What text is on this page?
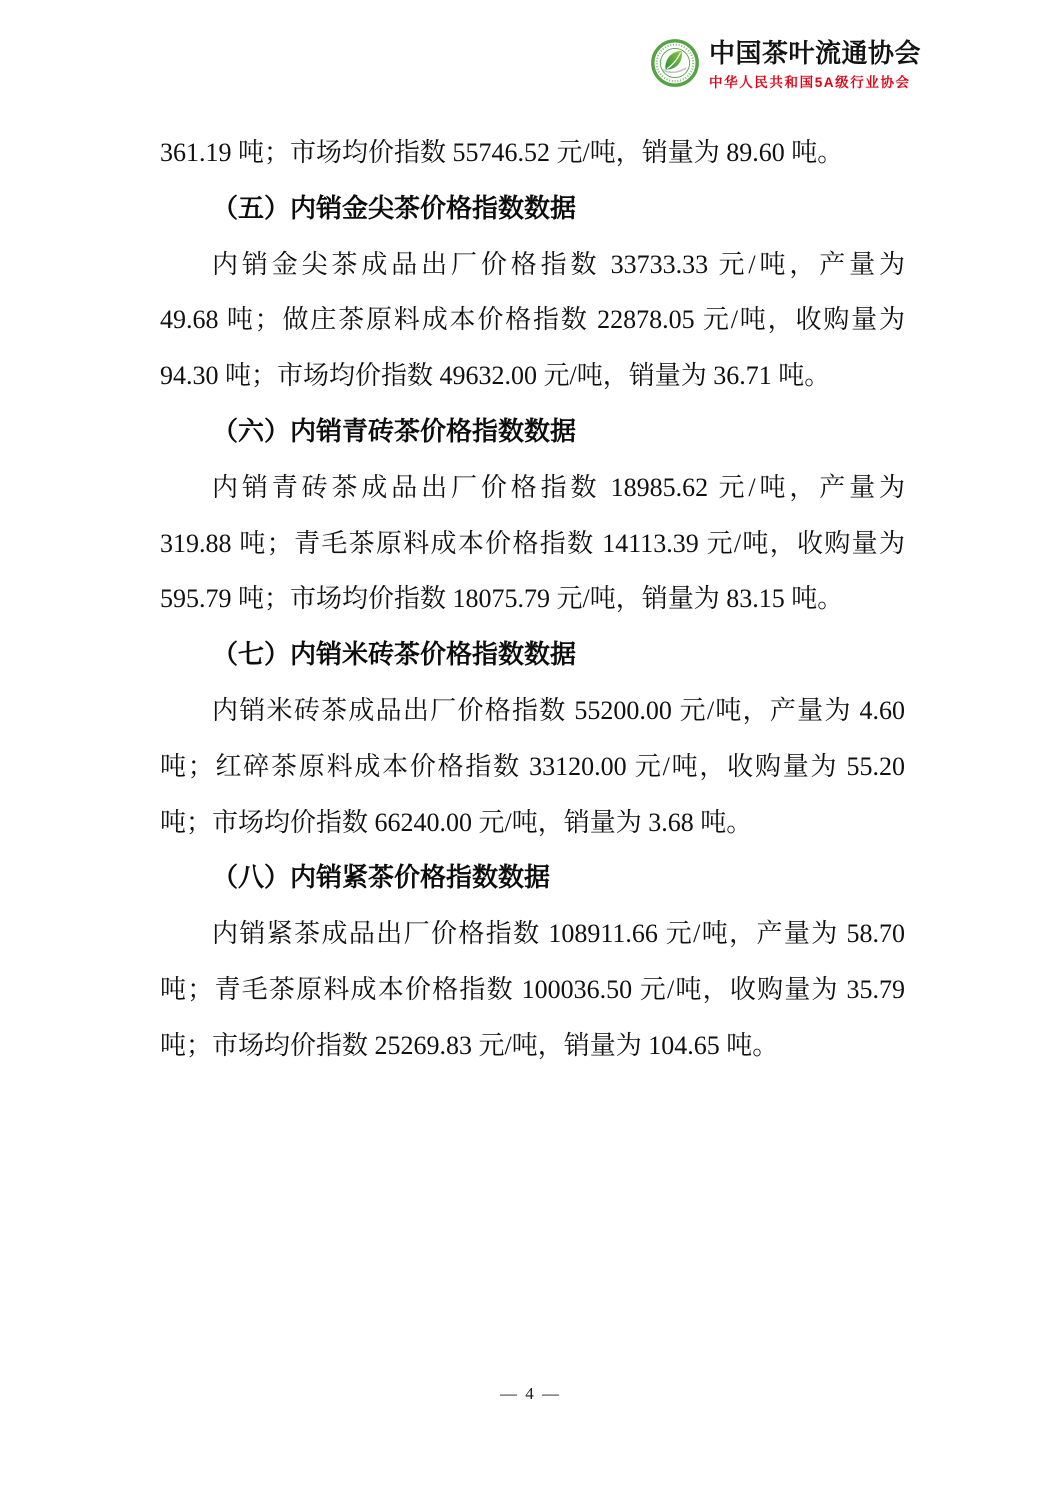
中国茶叶流通协会
中华人民共和国5A级行业协会

361.19 吨；市场均价指数 55746.52 元/吨，销量为 89.60 吨。

（五）内销金尖茶价格指数数据

内销金尖茶成品出厂价格指数 33733.33 元/吨，产量为

49.68 吨；做庄茶原料成本价格指数 22878.05 元/吨，收购量为

94.30 吨；市场均价指数 49632.00 元/吨，销量为 36.71 吨。

（六）内销青砖茶价格指数数据

内销青砖茶成品出厂价格指数 18985.62 元/吨，产量为

319.88 吨；青毛茶原料成本价格指数 14113.39 元/吨，收购量为

595.79 吨；市场均价指数 18075.79 元/吨，销量为 83.15 吨。

（七）内销米砖茶价格指数数据

内销米砖茶成品出厂价格指数 55200.00 元/吨，产量为 4.60

吨；红碎茶原料成本价格指数 33120.00 元/吨，收购量为 55.20

吨；市场均价指数 66240.00 元/吨，销量为 3.68 吨。

（八）内销紧茶价格指数数据

内销紧茶成品出厂价格指数 108911.66 元/吨，产量为 58.70

吨；青毛茶原料成本价格指数 100036.50 元/吨，收购量为 35.79

吨；市场均价指数 25269.83 元/吨，销量为 104.65 吨。

— 4 —
